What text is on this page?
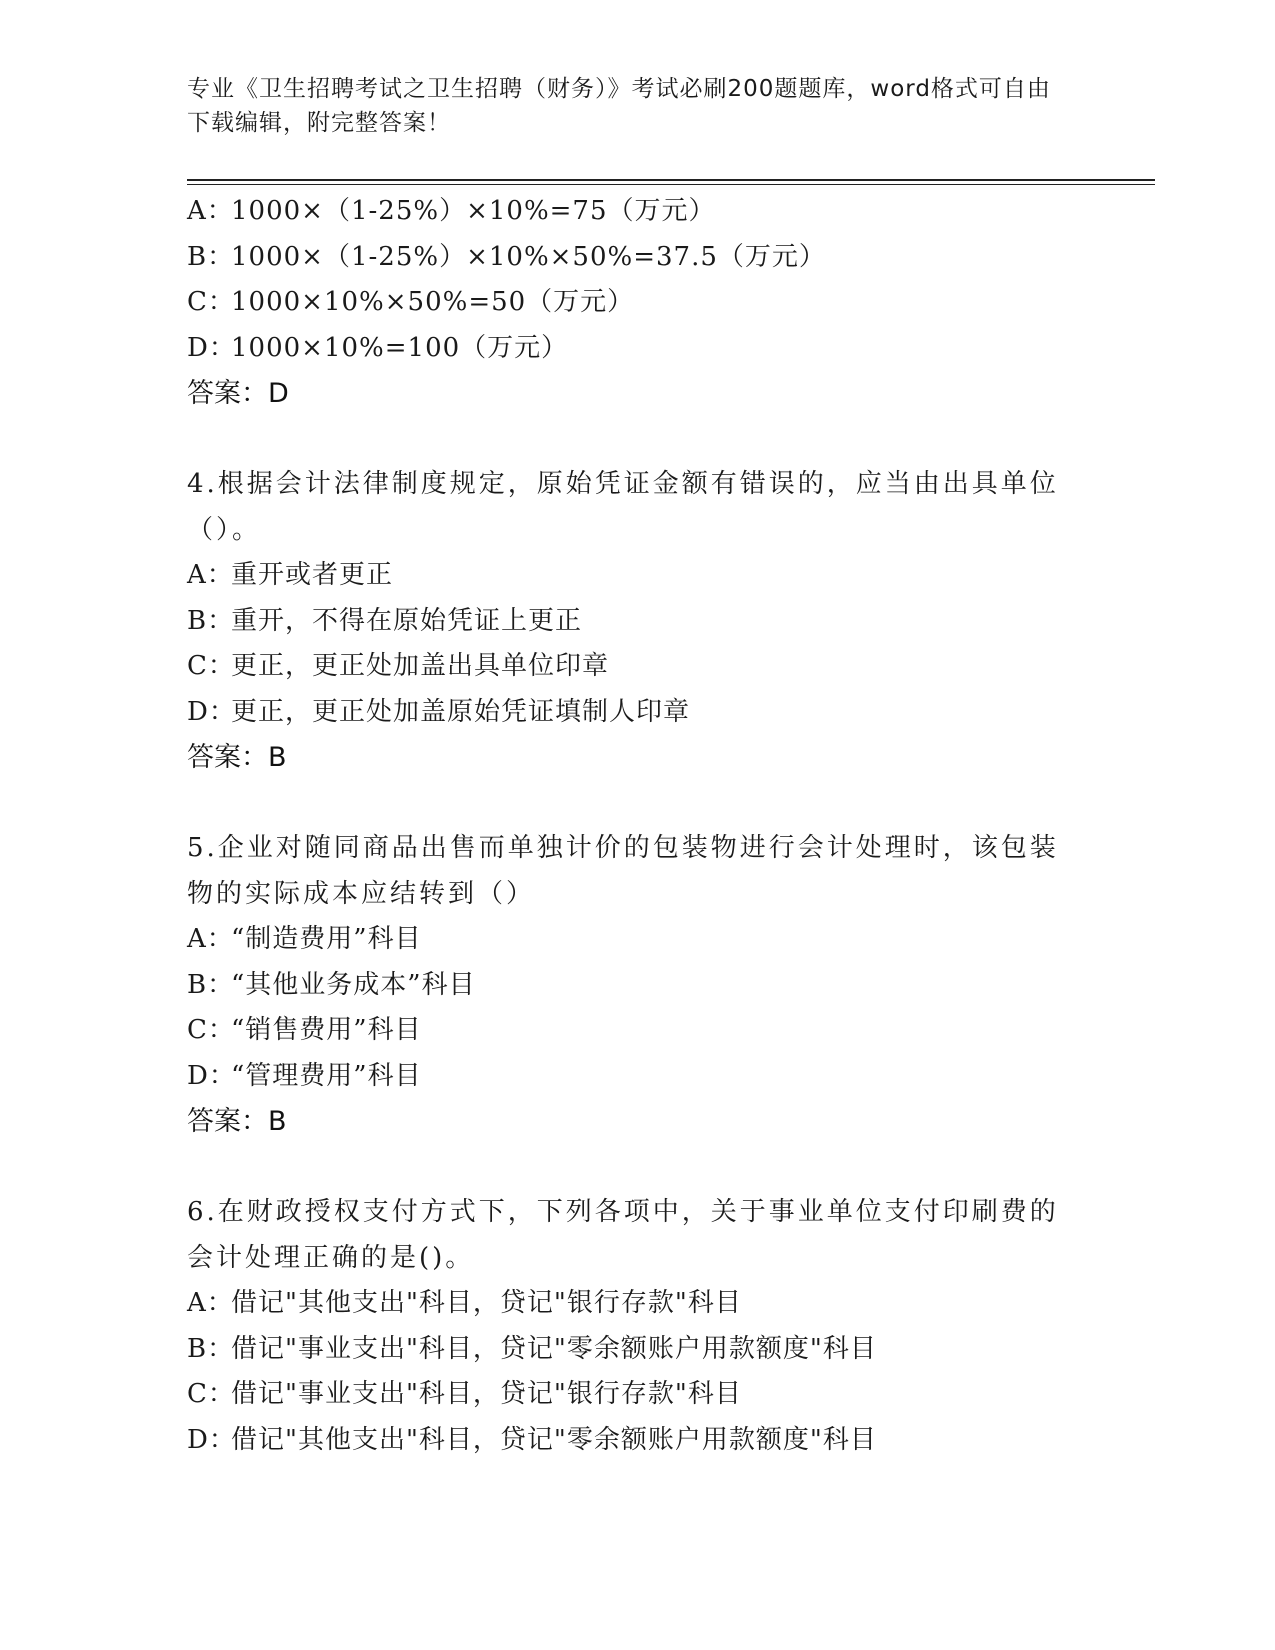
专业《卫生招聘考试之卫生招聘（财务）》考试必刷200题题库，word格式可自由下载编辑，附完整答案！
A：1000×（1-25%）×10%=75（万元）
B：1000×（1-25%）×10%×50%=37.5（万元）
C：1000×10%×50%=50（万元）
D：1000×10%=100（万元）
答案：D
4.根据会计法律制度规定，原始凭证金额有错误的，应当由出具单位（）。
A：重开或者更正
B：重开，不得在原始凭证上更正
C：更正，更正处加盖出具单位印章
D：更正，更正处加盖原始凭证填制人印章
答案：B
5.企业对随同商品出售而单独计价的包装物进行会计处理时，该包装物的实际成本应结转到（）
A：“制造费用”科目
B：“其他业务成本”科目
C：“销售费用”科目
D：“管理费用”科目
答案：B
6.在财政授权支付方式下，下列各项中，关于事业单位支付印刷费的会计处理正确的是()。
A：借记"其他支出"科目，贷记"银行存款"科目
B：借记"事业支出"科目，贷记"零余额账户用款额度"科目
C：借记"事业支出"科目，贷记"银行存款"科目
D：借记"其他支出"科目，贷记"零余额账户用款额度"科目
